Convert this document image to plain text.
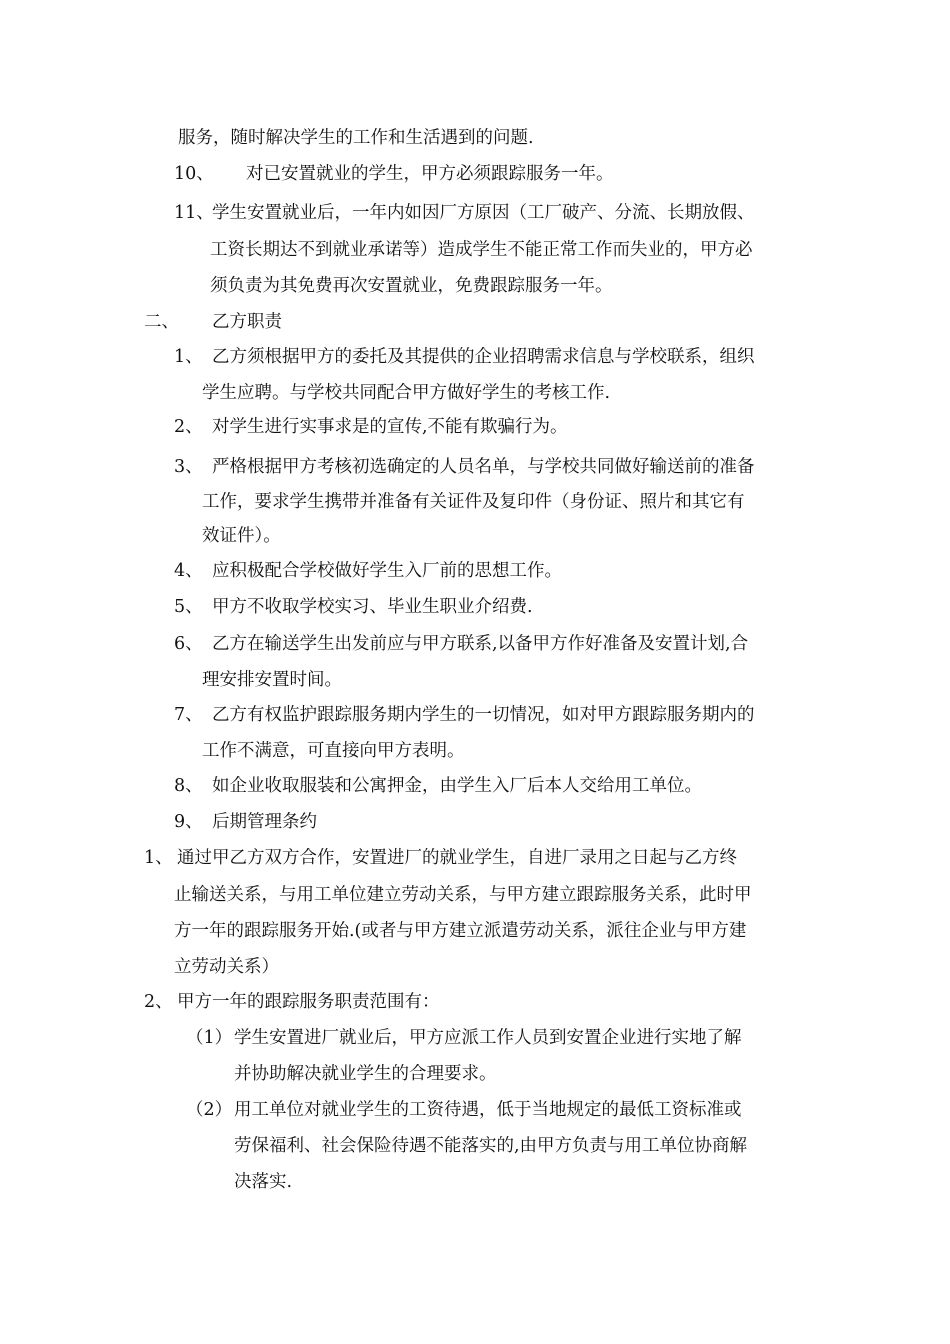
服务，随时解决学生的工作和生活遇到的问题.
10、 对已安置就业的学生，甲方必须跟踪服务一年。
11、学生安置就业后，一年内如因厂方原因（工厂破产、分流、长期放假、
工资长期达不到就业承诺等）造成学生不能正常工作而失业的，甲方必
须负责为其免费再次安置就业，免费跟踪服务一年。
二、 乙方职责
1、 乙方须根据甲方的委托及其提供的企业招聘需求信息与学校联系，组织
学生应聘。与学校共同配合甲方做好学生的考核工作.
2、 对学生进行实事求是的宣传,不能有欺骗行为。
3、 严格根据甲方考核初选确定的人员名单，与学校共同做好输送前的准备
工作，要求学生携带并准备有关证件及复印件（身份证、照片和其它有
效证件）。
4、 应积极配合学校做好学生入厂前的思想工作。
5、 甲方不收取学校实习、毕业生职业介绍费.
6、 乙方在输送学生出发前应与甲方联系,以备甲方作好准备及安置计划,合
理安排安置时间。
7、 乙方有权监护跟踪服务期内学生的一切情况，如对甲方跟踪服务期内的
工作不满意，可直接向甲方表明。
8、 如企业收取服装和公寓押金，由学生入厂后本人交给用工单位。
9、 后期管理条约
1、 通过甲乙方双方合作，安置进厂的就业学生，自进厂录用之日起与乙方终
止输送关系，与用工单位建立劳动关系，与甲方建立跟踪服务关系，此时甲
方一年的跟踪服务开始.(或者与甲方建立派遣劳动关系，派往企业与甲方建
立劳动关系）
2、 甲方一年的跟踪服务职责范围有：
（1） 学生安置进厂就业后，甲方应派工作人员到安置企业进行实地了解
并协助解决就业学生的合理要求。
（2） 用工单位对就业学生的工资待遇，低于当地规定的最低工资标准或
劳保福利、社会保险待遇不能落实的,由甲方负责与用工单位协商解
决落实.
